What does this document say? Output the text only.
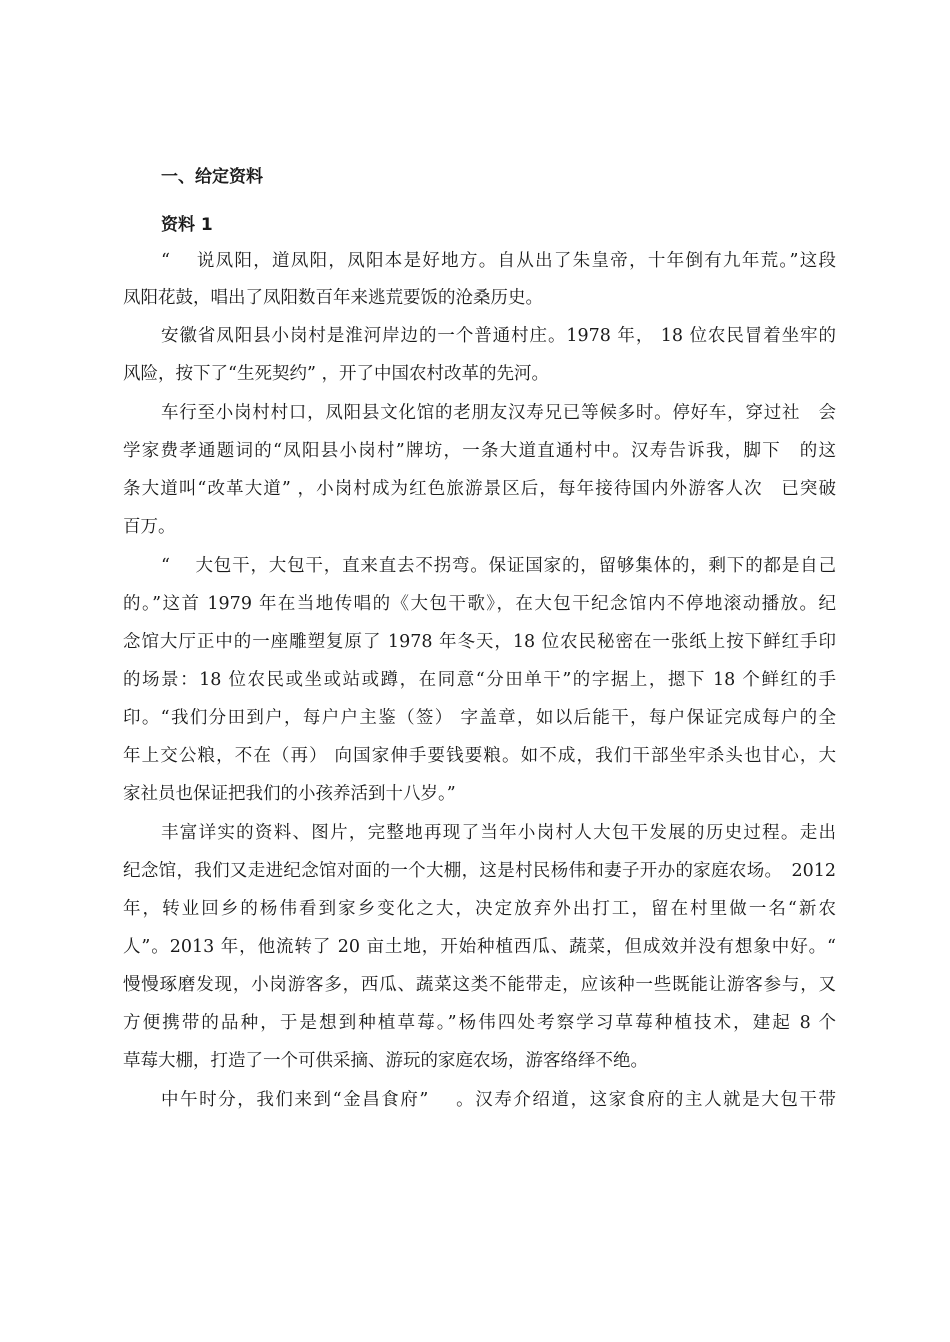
一、给定资料
资料 1
“　 说凤阳，道凤阳，凤阳本是好地方。自从出了朱皇帝，十年倒有九年荒。”这段
凤阳花鼓，唱出了凤阳数百年来逃荒要饭的沧桑历史。
安徽省凤阳县小岗村是淮河岸边的一个普通村庄。1978 年， 18 位农民冒着坐牢的
风险，按下了“生死契约” ，开了中国农村改革的先河。
车行至小岗村村口，凤阳县文化馆的老朋友汉寿兄已等候多时。停好车，穿过社　会
学家费孝通题词的“凤阳县小岗村”牌坊，一条大道直通村中。汉寿告诉我，脚下　的这
条大道叫“改革大道” ，小岗村成为红色旅游景区后，每年接待国内外游客人次　已突破
百万。
“　 大包干，大包干，直来直去不拐弯。保证国家的，留够集体的，剩下的都是自己
的。”这首 1979 年在当地传唱的《大包干歌》，在大包干纪念馆内不停地滚动播放。纪
念馆大厅正中的一座雕塑复原了 1978 年冬天，18 位农民秘密在一张纸上按下鲜红手印
的场景：18 位农民或坐或站或蹲，在同意“分田单干”的字据上，摁下 18 个鲜红的手
印。“我们分田到户，每户户主鉴（签） 字盖章，如以后能干，每户保证完成每户的全
年上交公粮，不在（再） 向国家伸手要钱要粮。如不成，我们干部坐牢杀头也甘心，大
家社员也保证把我们的小孩养活到十八岁。”
丰富详实的资料、图片，完整地再现了当年小岗村人大包干发展的历史过程。走出
纪念馆，我们又走进纪念馆对面的一个大棚，这是村民杨伟和妻子开办的家庭农场。　2012
年，转业回乡的杨伟看到家乡变化之大，决定放弃外出打工，留在村里做一名“新农
人”。2013 年，他流转了 20 亩土地，开始种植西瓜、蔬菜，但成效并没有想象中好。“
慢慢琢磨发现，小岗游客多，西瓜、蔬菜这类不能带走，应该种一些既能让游客参与，又
方便携带的品种，于是想到种植草莓。”杨伟四处考察学习草莓种植技术，建起 8 个
草莓大棚，打造了一个可供采摘、游玩的家庭农场，游客络绎不绝。
中午时分，我们来到“金昌食府”　 。汉寿介绍道，这家食府的主人就是大包干带
